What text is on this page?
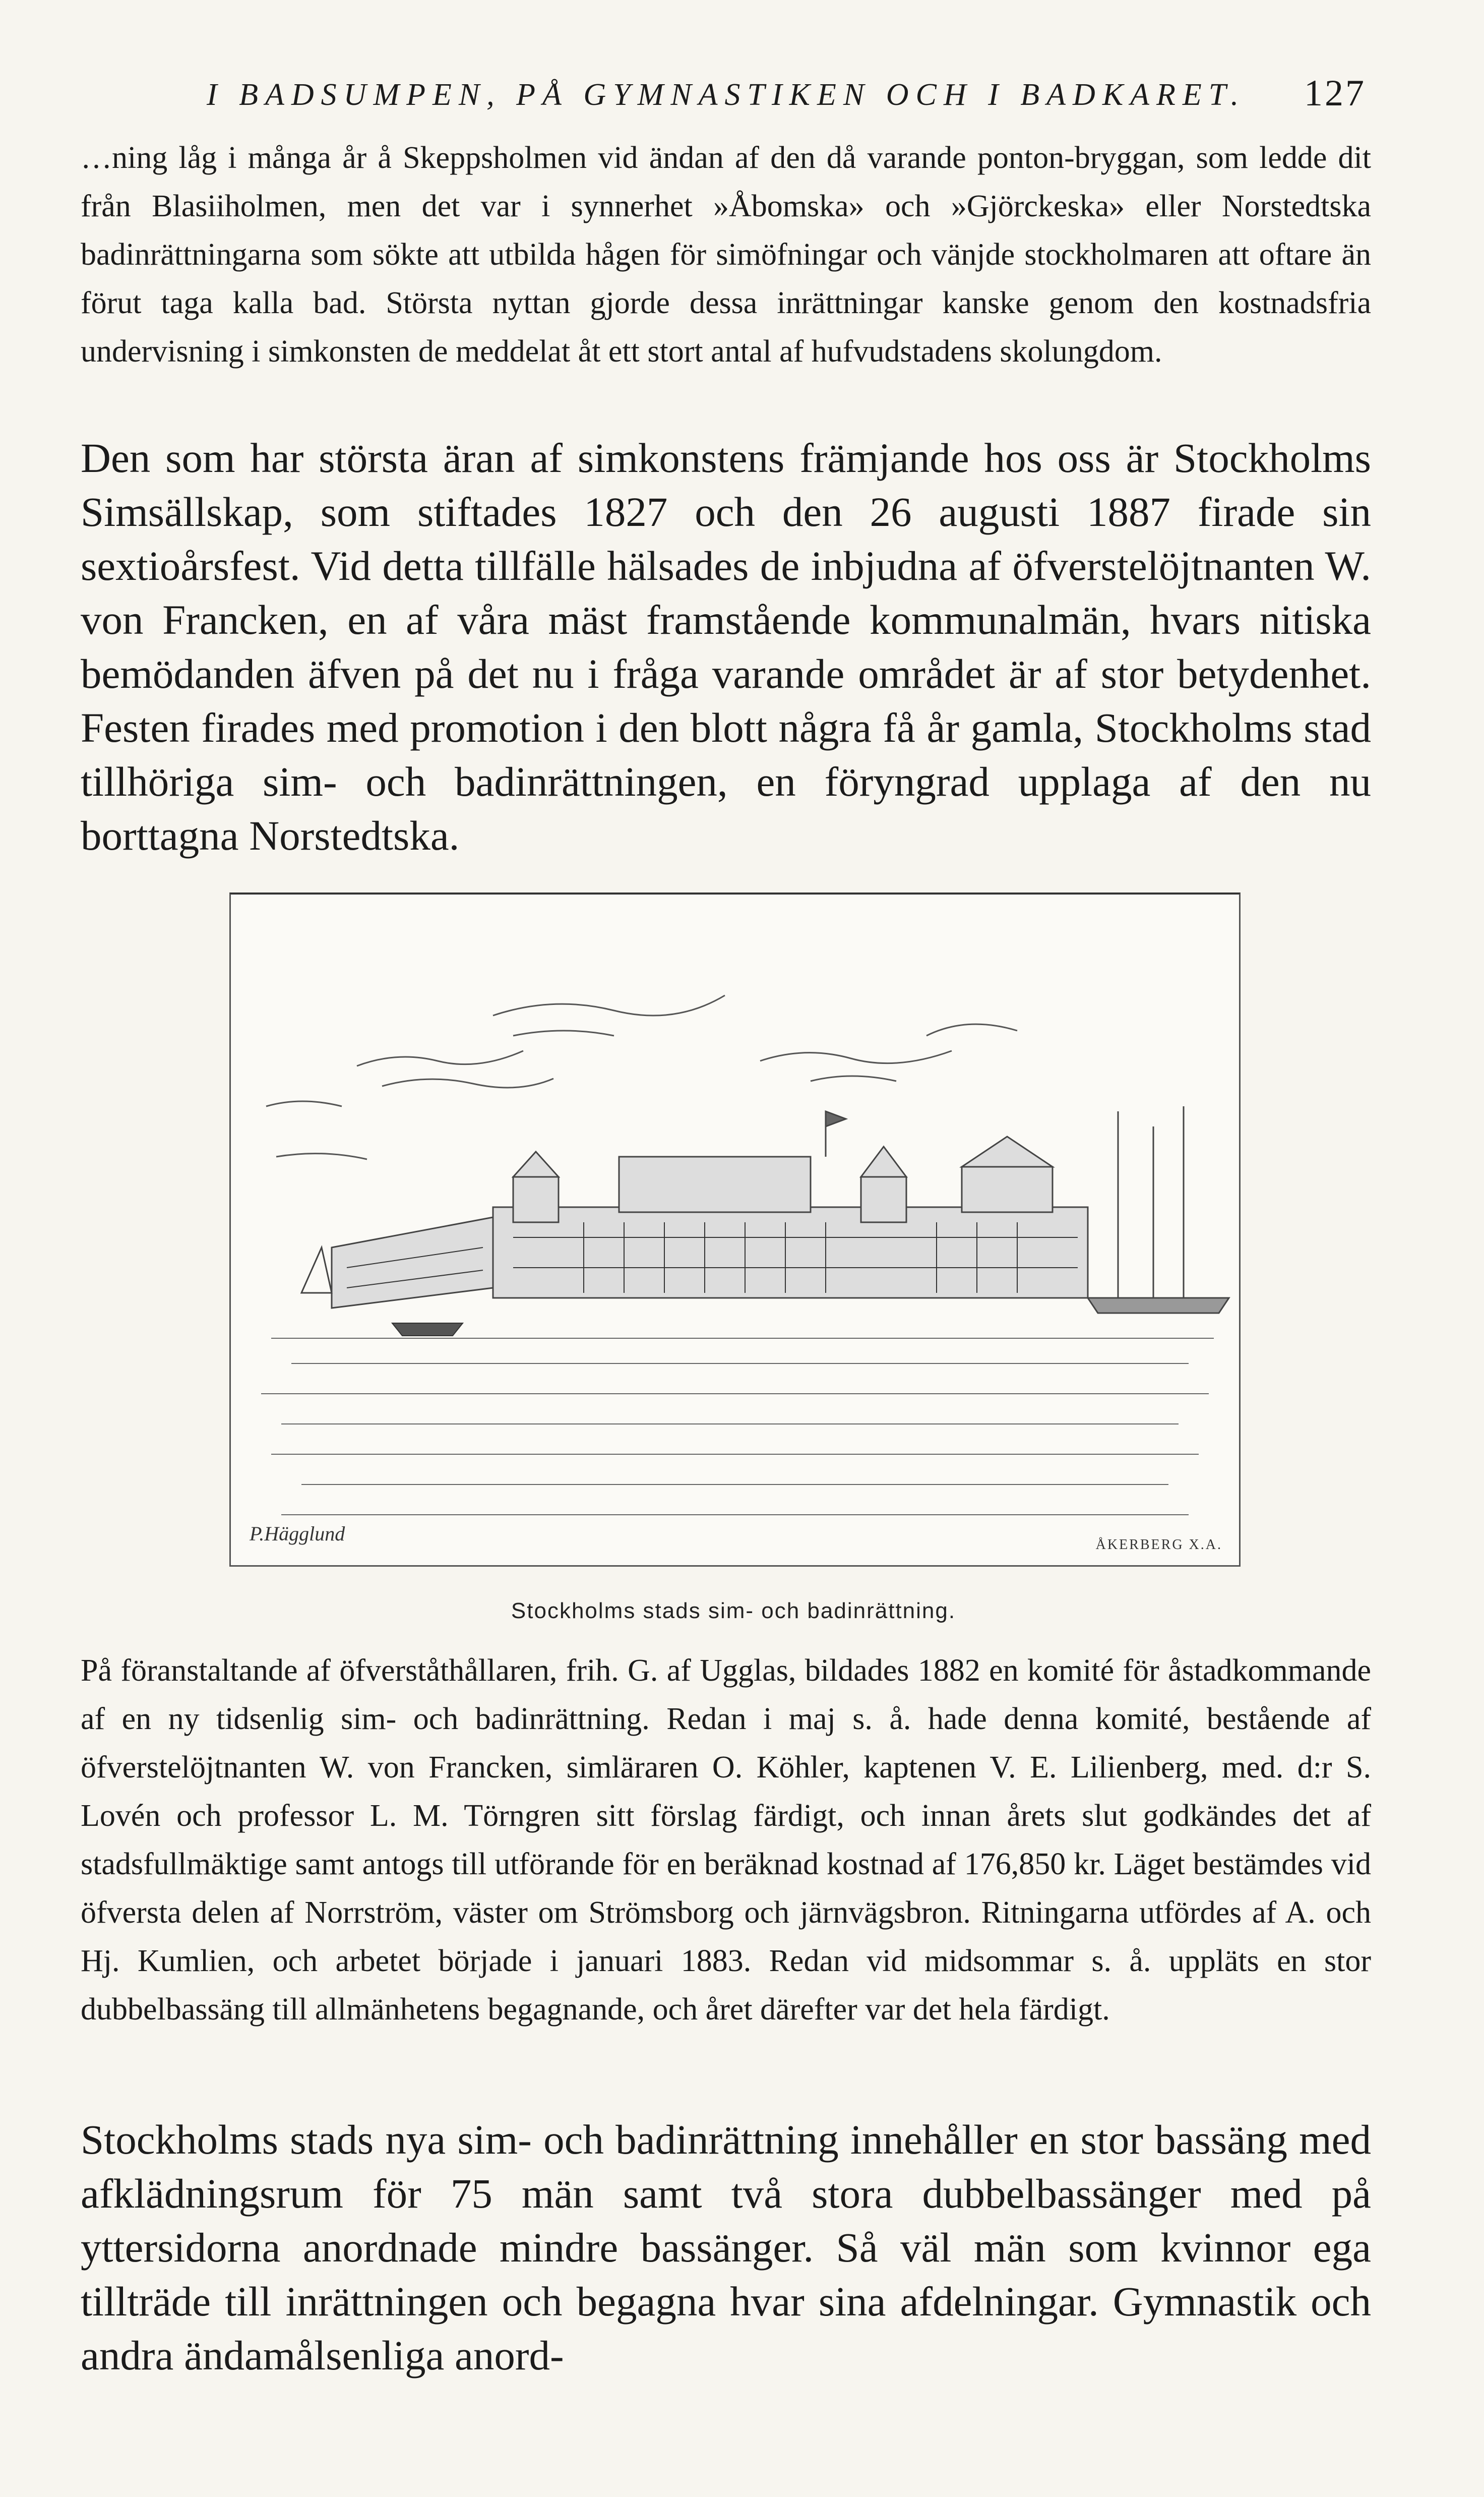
I BADSUMPEN, PÅ GYMNASTIKEN OCH I BADKARET. 127

…ning låg i många år å Skeppsholmen vid ändan af den då varande ponton-bryggan, som ledde dit från Blasiiholmen, men det var i synnerhet »Åbomska» och »Gjörckeska» eller Norstedtska badinrättningarna som sökte att utbilda hågen för simöfningar och vänjde stockholmaren att oftare än förut taga kalla bad. Största nyttan gjorde dessa inrättningar kanske genom den kostnadsfria undervisning i simkonsten de meddelat åt ett stort antal af hufvudstadens skolungdom.

Den som har största äran af simkonstens främjande hos oss är Stockholms Simsällskap, som stiftades 1827 och den 26 augusti 1887 firade sin sextioårsfest. Vid detta tillfälle hälsades de inbjudna af öfverstelöjtnanten W. von Francken, en af våra mäst framstående kommunalmän, hvars nitiska bemödanden äfven på det nu i fråga varande området är af stor betydenhet. Festen firades med promotion i den blott några få år gamla, Stockholms stad tillhöriga sim- och badinrättningen, en föryngrad upplaga af den nu borttagna Norstedtska.

P.Hägglund	ÅKERBERG X.A.
Stockholms stads sim- och badinrättning.

På föranstaltande af öfverståthållaren, frih. G. af Ugglas, bildades 1882 en komité för åstadkommande af en ny tidsenlig sim- och badinrättning. Redan i maj s. å. hade denna komité, bestående af öfverstelöjtnanten W. von Francken, simläraren O. Köhler, kaptenen V. E. Lilienberg, med. d:r S. Lovén och professor L. M. Törngren sitt förslag färdigt, och innan årets slut godkändes det af stadsfullmäktige samt antogs till utförande för en beräknad kostnad af 176,850 kr. Läget bestämdes vid öfversta delen af Norrström, väster om Strömsborg och järnvägsbron. Ritningarna utfördes af A. och Hj. Kumlien, och arbetet började i januari 1883. Redan vid midsommar s. å. uppläts en stor dubbelbassäng till allmänhetens begagnande, och året därefter var det hela färdigt.

Stockholms stads nya sim- och badinrättning innehåller en stor bassäng med afklädningsrum för 75 män samt två stora dubbelbassänger med på yttersidorna anordnade mindre bassänger. Så väl män som kvinnor ega tillträde till inrättningen och begagna hvar sina afdelningar. Gymnastik och andra ändamålsenliga anord-
